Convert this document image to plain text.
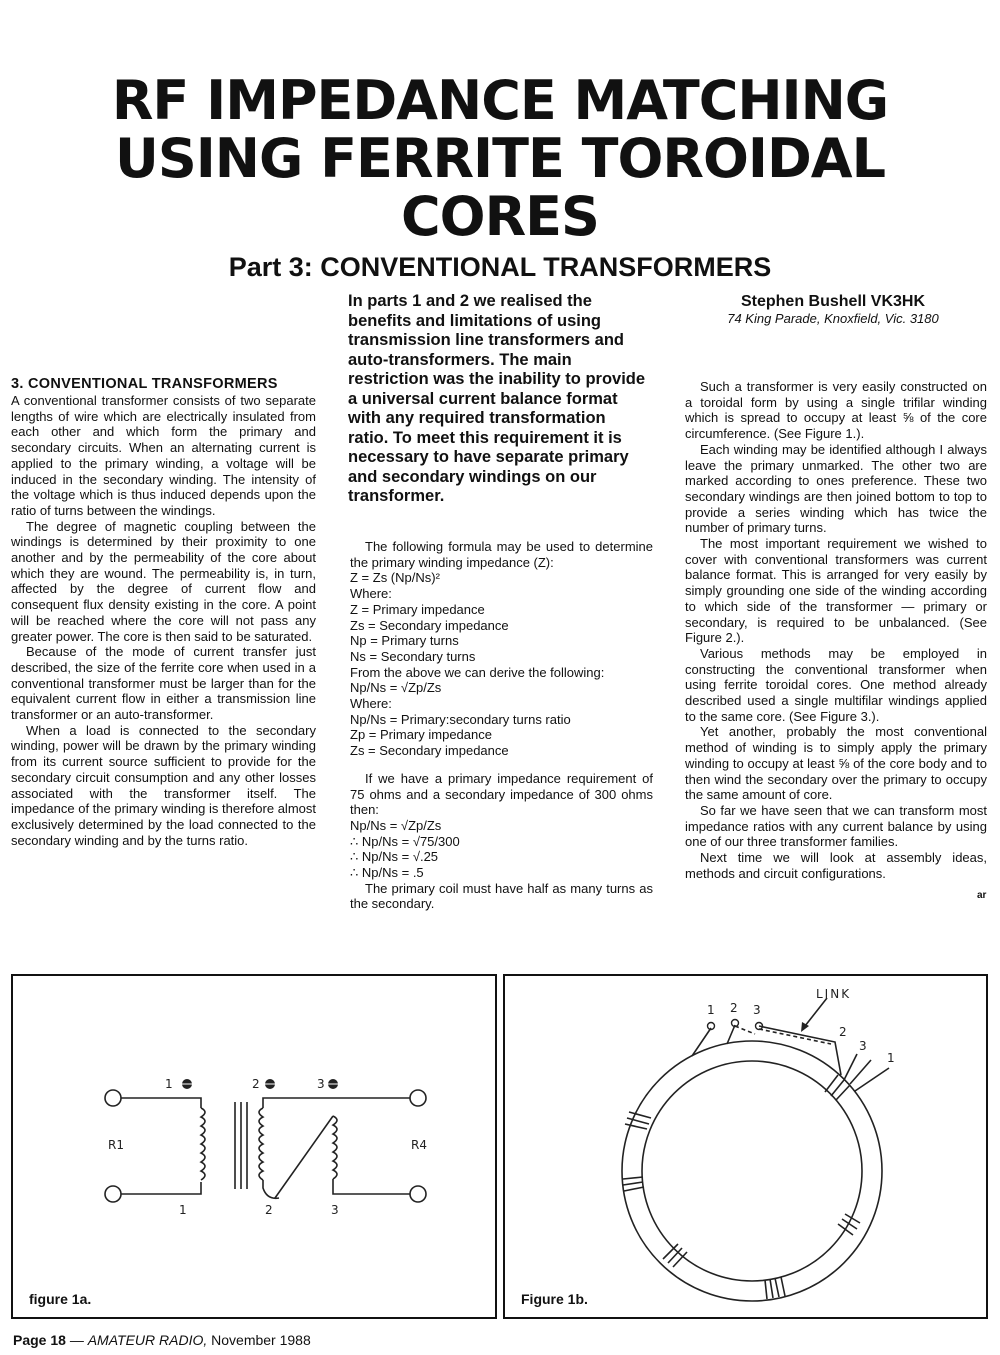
RF IMPEDANCE MATCHING
USING FERRITE TOROIDAL
CORES
Part 3: CONVENTIONAL TRANSFORMERS
In parts 1 and 2 we realised the benefits and limitations of using transmission line transformers and auto-transformers. The main restriction was the inability to provide a universal current balance format with any required transformation ratio. To meet this requirement it is necessary to have separate primary and secondary windings on our transformer.
Stephen Bushell VK3HK
74 King Parade, Knoxfield, Vic. 3180
3. CONVENTIONAL TRANSFORMERS

A conventional transformer consists of two separate lengths of wire which are electrically insulated from each other and which form the primary and secondary circuits. When an alternating current is applied to the primary winding, a voltage will be induced in the secondary winding. The intensity of the voltage which is thus induced depends upon the ratio of turns between the windings.

The degree of magnetic coupling between the windings is determined by their proximity to one another and by the permeability of the core about which they are wound. The permeability is, in turn, affected by the degree of current flow and consequent flux density existing in the core. A point will be reached where the core will not pass any greater power. The core is then said to be saturated.

Because of the mode of current transfer just described, the size of the ferrite core when used in a conventional transformer must be larger than for the equivalent current flow in either a transmission line transformer or an auto-transformer.

When a load is connected to the secondary winding, power will be drawn by the primary winding from its current source sufficient to provide for the secondary circuit consumption and any other losses associated with the transformer itself. The impedance of the primary winding is therefore almost exclusively determined by the load connected to the secondary winding and by the turns ratio.

The following formula may be used to determine the primary winding impedance (Z):

Z = Zs (Np/Ns)²
Where:
Z = Primary impedance
Zs = Secondary impedance
Np = Primary turns
Ns = Secondary turns
From the above we can derive the following:
Np/Ns = √Zp/Zs
Where:
Np/Ns = Primary:secondary turns ratio
Zp = Primary impedance
Zs = Secondary impedance

If we have a primary impedance requirement of 75 ohms and a secondary impedance of 300 ohms then:

Np/Ns = √Zp/Zs
∴ Np/Ns = √75/300
∴ Np/Ns = √.25
∴ Np/Ns = .5

The primary coil must have half as many turns as the secondary.

Such a transformer is very easily constructed on a toroidal form by using a single trifilar winding which is spread to occupy at least ⅝ of the core circumference. (See Figure 1.).

Each winding may be identified although I always leave the primary unmarked. The other two are marked according to ones preference. These two secondary windings are then joined bottom to top to provide a series winding which has twice the number of primary turns.

The most important requirement we wished to cover with conventional transformers was current balance format. This is arranged for very easily by simply grounding one side of the winding according to which side of the transformer — primary or secondary, is required to be unbalanced. (See Figure 2.).

Various methods may be employed in constructing the conventional transformer when using ferrite toroidal cores. One method already described used a single multifilar windings applied to the same core. (See Figure 3.).

Yet another, probably the most conventional method of winding is to simply apply the primary winding to occupy at least ⅝ of the core body and to then wind the secondary over the primary to occupy the same amount of core.

So far we have seen that we can transform most impedance ratios with any current balance by using one of our three transformer families.

Next time we will look at assembly ideas, methods and circuit configurations.

ar
R1	R4
1	2	3
1	2	3
figure 1a.
LINK
1 2 3
2
3
1
Figure 1b.
Page 18 — AMATEUR RADIO, November 1988
